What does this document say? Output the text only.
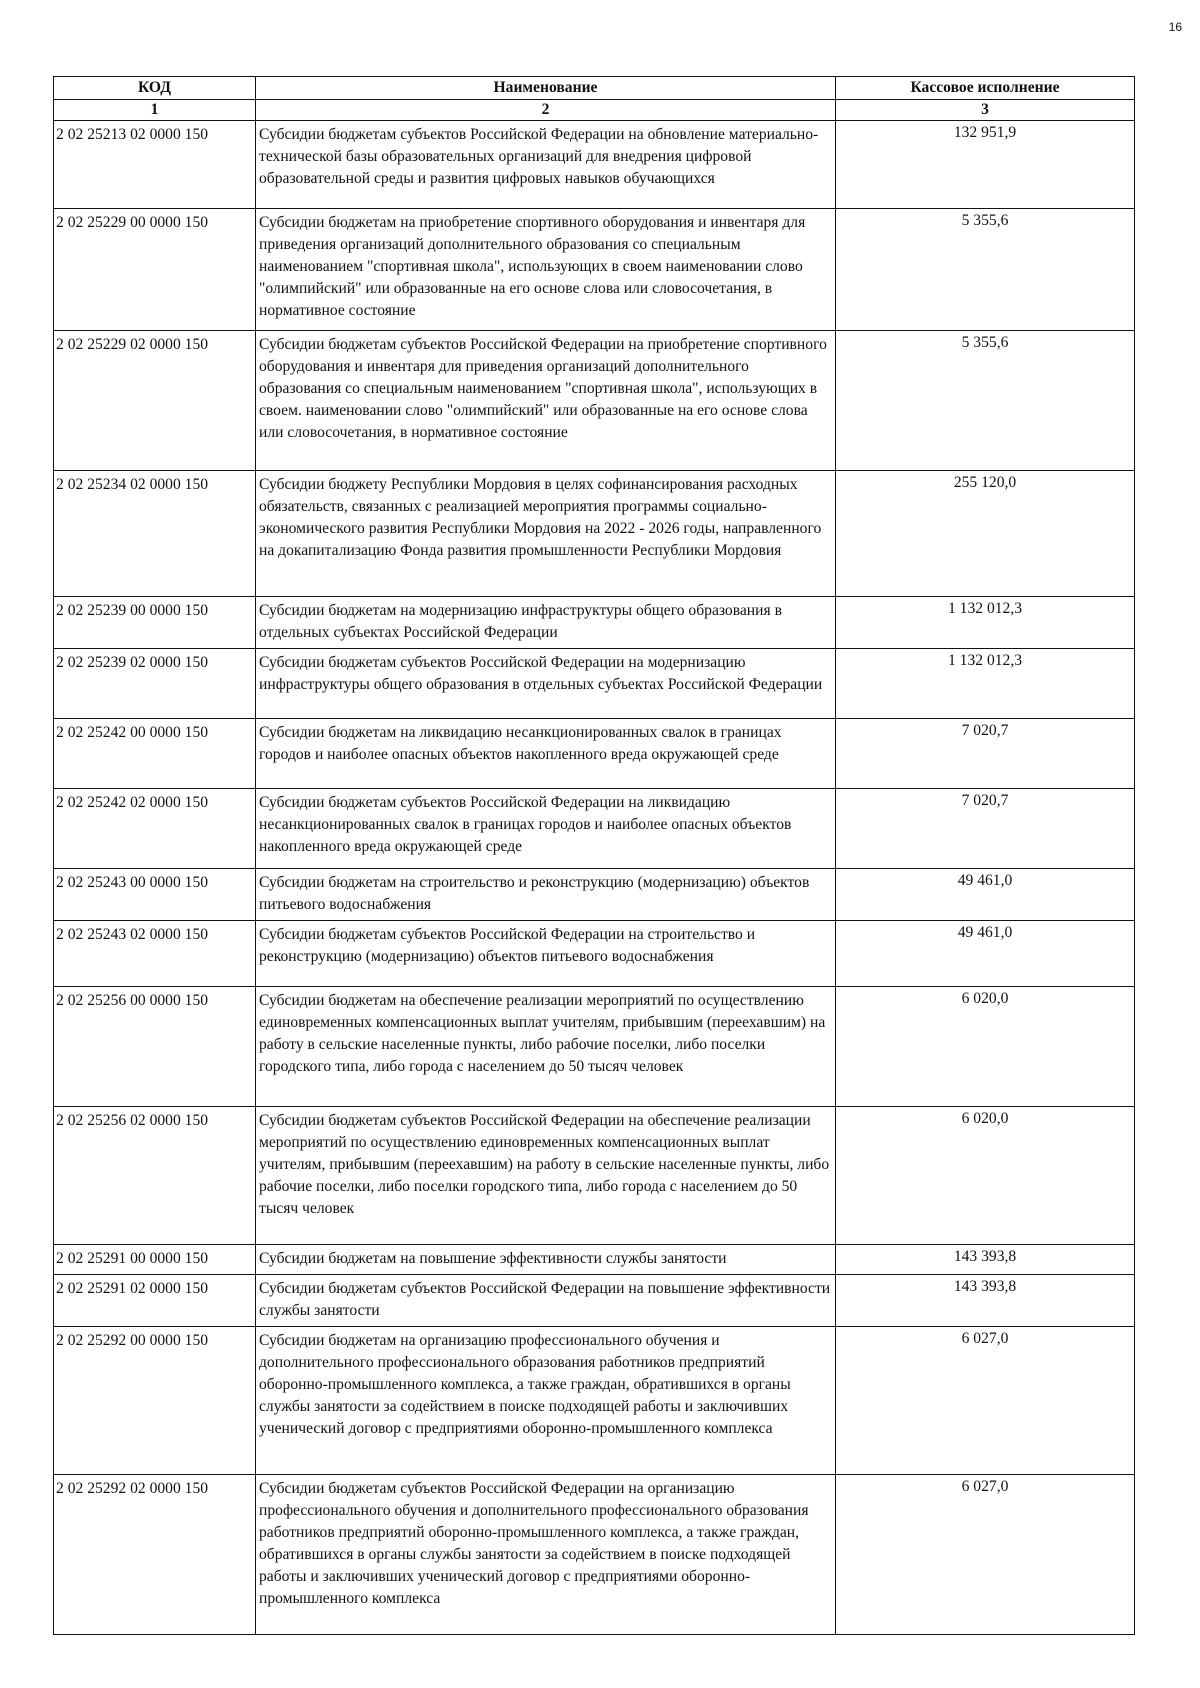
16
КОД	Наименование	Кассовое исполнение
1	2	3
2 02 25213 02 0000 150	Субсидии бюджетам субъектов Российской Федерации на обновление материально-технической базы образовательных организаций для внедрения цифровой образовательной среды и развития цифровых навыков обучающихся	132 951,9
2 02 25229 00 0000 150	Субсидии бюджетам на приобретение спортивного оборудования и инвентаря для приведения организаций дополнительного образования со специальным наименованием "спортивная школа", использующих в своем наименовании слово "олимпийский" или образованные на его основе слова или словосочетания, в нормативное состояние	5 355,6
2 02 25229 02 0000 150	Субсидии бюджетам субъектов Российской Федерации на приобретение спортивного оборудования и инвентаря для приведения организаций дополнительного образования со специальным наименованием "спортивная школа", использующих в своем. наименовании слово "олимпийский" или образованные на его основе слова или словосочетания, в нормативное состояние	5 355,6
2 02 25234 02 0000 150	Субсидии бюджету Республики Мордовия в целях софинансирования расходных обязательств, связанных с реализацией мероприятия программы социально-экономического развития Республики Мордовия на 2022 - 2026 годы, направленного на докапитализацию Фонда развития промышленности Республики Мордовия	255 120,0
2 02 25239 00 0000 150	Субсидии бюджетам на модернизацию инфраструктуры общего образования в отдельных субъектах Российской Федерации	1 132 012,3
2 02 25239 02 0000 150	Субсидии бюджетам субъектов Российской Федерации на модернизацию инфраструктуры общего образования в отдельных субъектах Российской Федерации	1 132 012,3
2 02 25242 00 0000 150	Субсидии бюджетам на ликвидацию несанкционированных свалок в границах городов и наиболее опасных объектов накопленного вреда окружающей среде	7 020,7
2 02 25242 02 0000 150	Субсидии бюджетам субъектов Российской Федерации на ликвидацию несанкционированных свалок в границах городов и наиболее опасных объектов накопленного вреда окружающей среде	7 020,7
2 02 25243 00 0000 150	Субсидии бюджетам на строительство и реконструкцию (модернизацию) объектов питьевого водоснабжения	49 461,0
2 02 25243 02 0000 150	Субсидии бюджетам субъектов Российской Федерации на строительство и реконструкцию (модернизацию) объектов питьевого водоснабжения	49 461,0
2 02 25256 00 0000 150	Субсидии бюджетам на обеспечение реализации мероприятий по осуществлению единовременных компенсационных выплат учителям, прибывшим (переехавшим) на работу в сельские населенные пункты, либо рабочие поселки, либо поселки городского типа, либо города с населением до 50 тысяч человек	6 020,0
2 02 25256 02 0000 150	Субсидии бюджетам субъектов Российской Федерации на обеспечение реализации мероприятий по осуществлению единовременных компенсационных выплат учителям, прибывшим (переехавшим) на работу в сельские населенные пункты, либо рабочие поселки, либо поселки городского типа, либо города с населением до 50 тысяч человек	6 020,0
2 02 25291 00 0000 150	Субсидии бюджетам на повышение эффективности службы занятости	143 393,8
2 02 25291 02 0000 150	Субсидии бюджетам субъектов Российской Федерации на повышение эффективности службы занятости	143 393,8
2 02 25292 00 0000 150	Субсидии бюджетам на организацию профессионального обучения и дополнительного профессионального образования работников предприятий оборонно-промышленного комплекса, а также граждан, обратившихся в органы службы занятости за содействием в поиске подходящей работы и заключивших ученический договор с предприятиями оборонно-промышленного комплекса	6 027,0
2 02 25292 02 0000 150	Субсидии бюджетам субъектов Российской Федерации на организацию профессионального обучения и дополнительного профессионального образования работников предприятий оборонно-промышленного комплекса, а также граждан, обратившихся в органы службы занятости за содействием в поиске подходящей работы и заключивших ученический договор с предприятиями оборонно-промышленного комплекса	6 027,0
